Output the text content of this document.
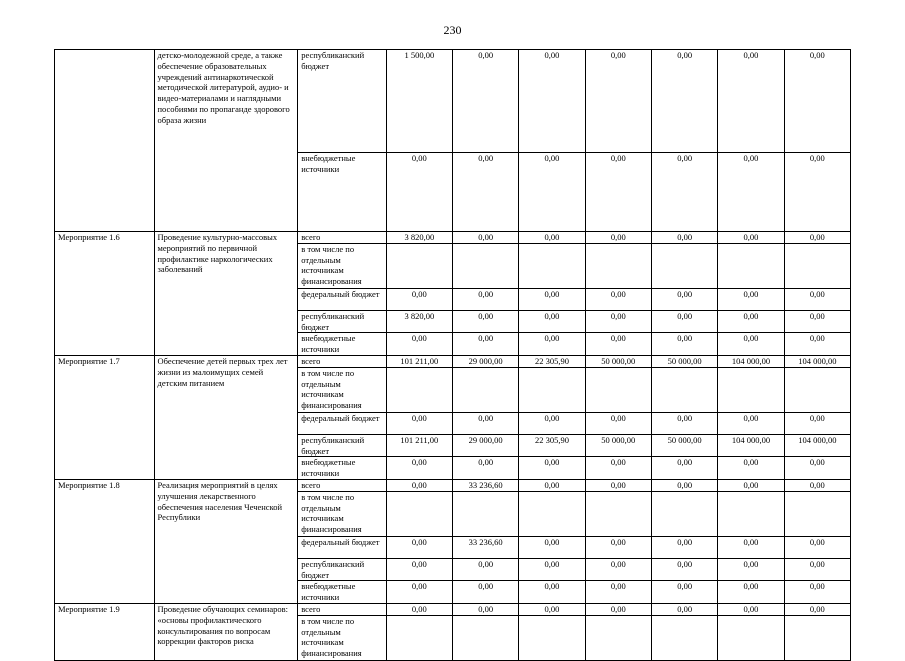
230
	детско-молодежной среде, а также обеспечение образовательных учреждений антинаркотической методической литературой, аудио- и видео-материалами и наглядными пособиями по пропаганде здорового образа жизни	республиканский бюджет	1 500,00	0,00	0,00	0,00	0,00	0,00	0,00
		внебюджетные источники	0,00	0,00	0,00	0,00	0,00	0,00	0,00
Мероприятие 1.6	Проведение культурно-массовых мероприятий по первичной профилактике наркологических заболеваний	всего	3 820,00	0,00	0,00	0,00	0,00	0,00	0,00
		в том числе по отдельным источникам финансирования							
		федеральный бюджет	0,00	0,00	0,00	0,00	0,00	0,00	0,00
		республиканский бюджет	3 820,00	0,00	0,00	0,00	0,00	0,00	0,00
		внебюджетные источники	0,00	0,00	0,00	0,00	0,00	0,00	0,00
Мероприятие 1.7	Обеспечение детей первых трех лет жизни из малоимущих семей детским питанием	всего	101 211,00	29 000,00	22 305,90	50 000,00	50 000,00	104 000,00	104 000,00
		в том числе по отдельным источникам финансирования							
		федеральный бюджет	0,00	0,00	0,00	0,00	0,00	0,00	0,00
		республиканский бюджет	101 211,00	29 000,00	22 305,90	50 000,00	50 000,00	104 000,00	104 000,00
		внебюджетные источники	0,00	0,00	0,00	0,00	0,00	0,00	0,00
Мероприятие 1.8	Реализация мероприятий в целях улучшения лекарственного обеспечения населения Чеченской Республики	всего	0,00	33 236,60	0,00	0,00	0,00	0,00	0,00
		в том числе по отдельным источникам финансирования							
		федеральный бюджет	0,00	33 236,60	0,00	0,00	0,00	0,00	0,00
		республиканский бюджет	0,00	0,00	0,00	0,00	0,00	0,00	0,00
		внебюджетные источники	0,00	0,00	0,00	0,00	0,00	0,00	0,00
Мероприятие 1.9	Проведение обучающих семинаров: «основы профилактического консультирования по вопросам коррекции факторов риска	всего	0,00	0,00	0,00	0,00	0,00	0,00	0,00
		в том числе по отдельным источникам финансирования							
